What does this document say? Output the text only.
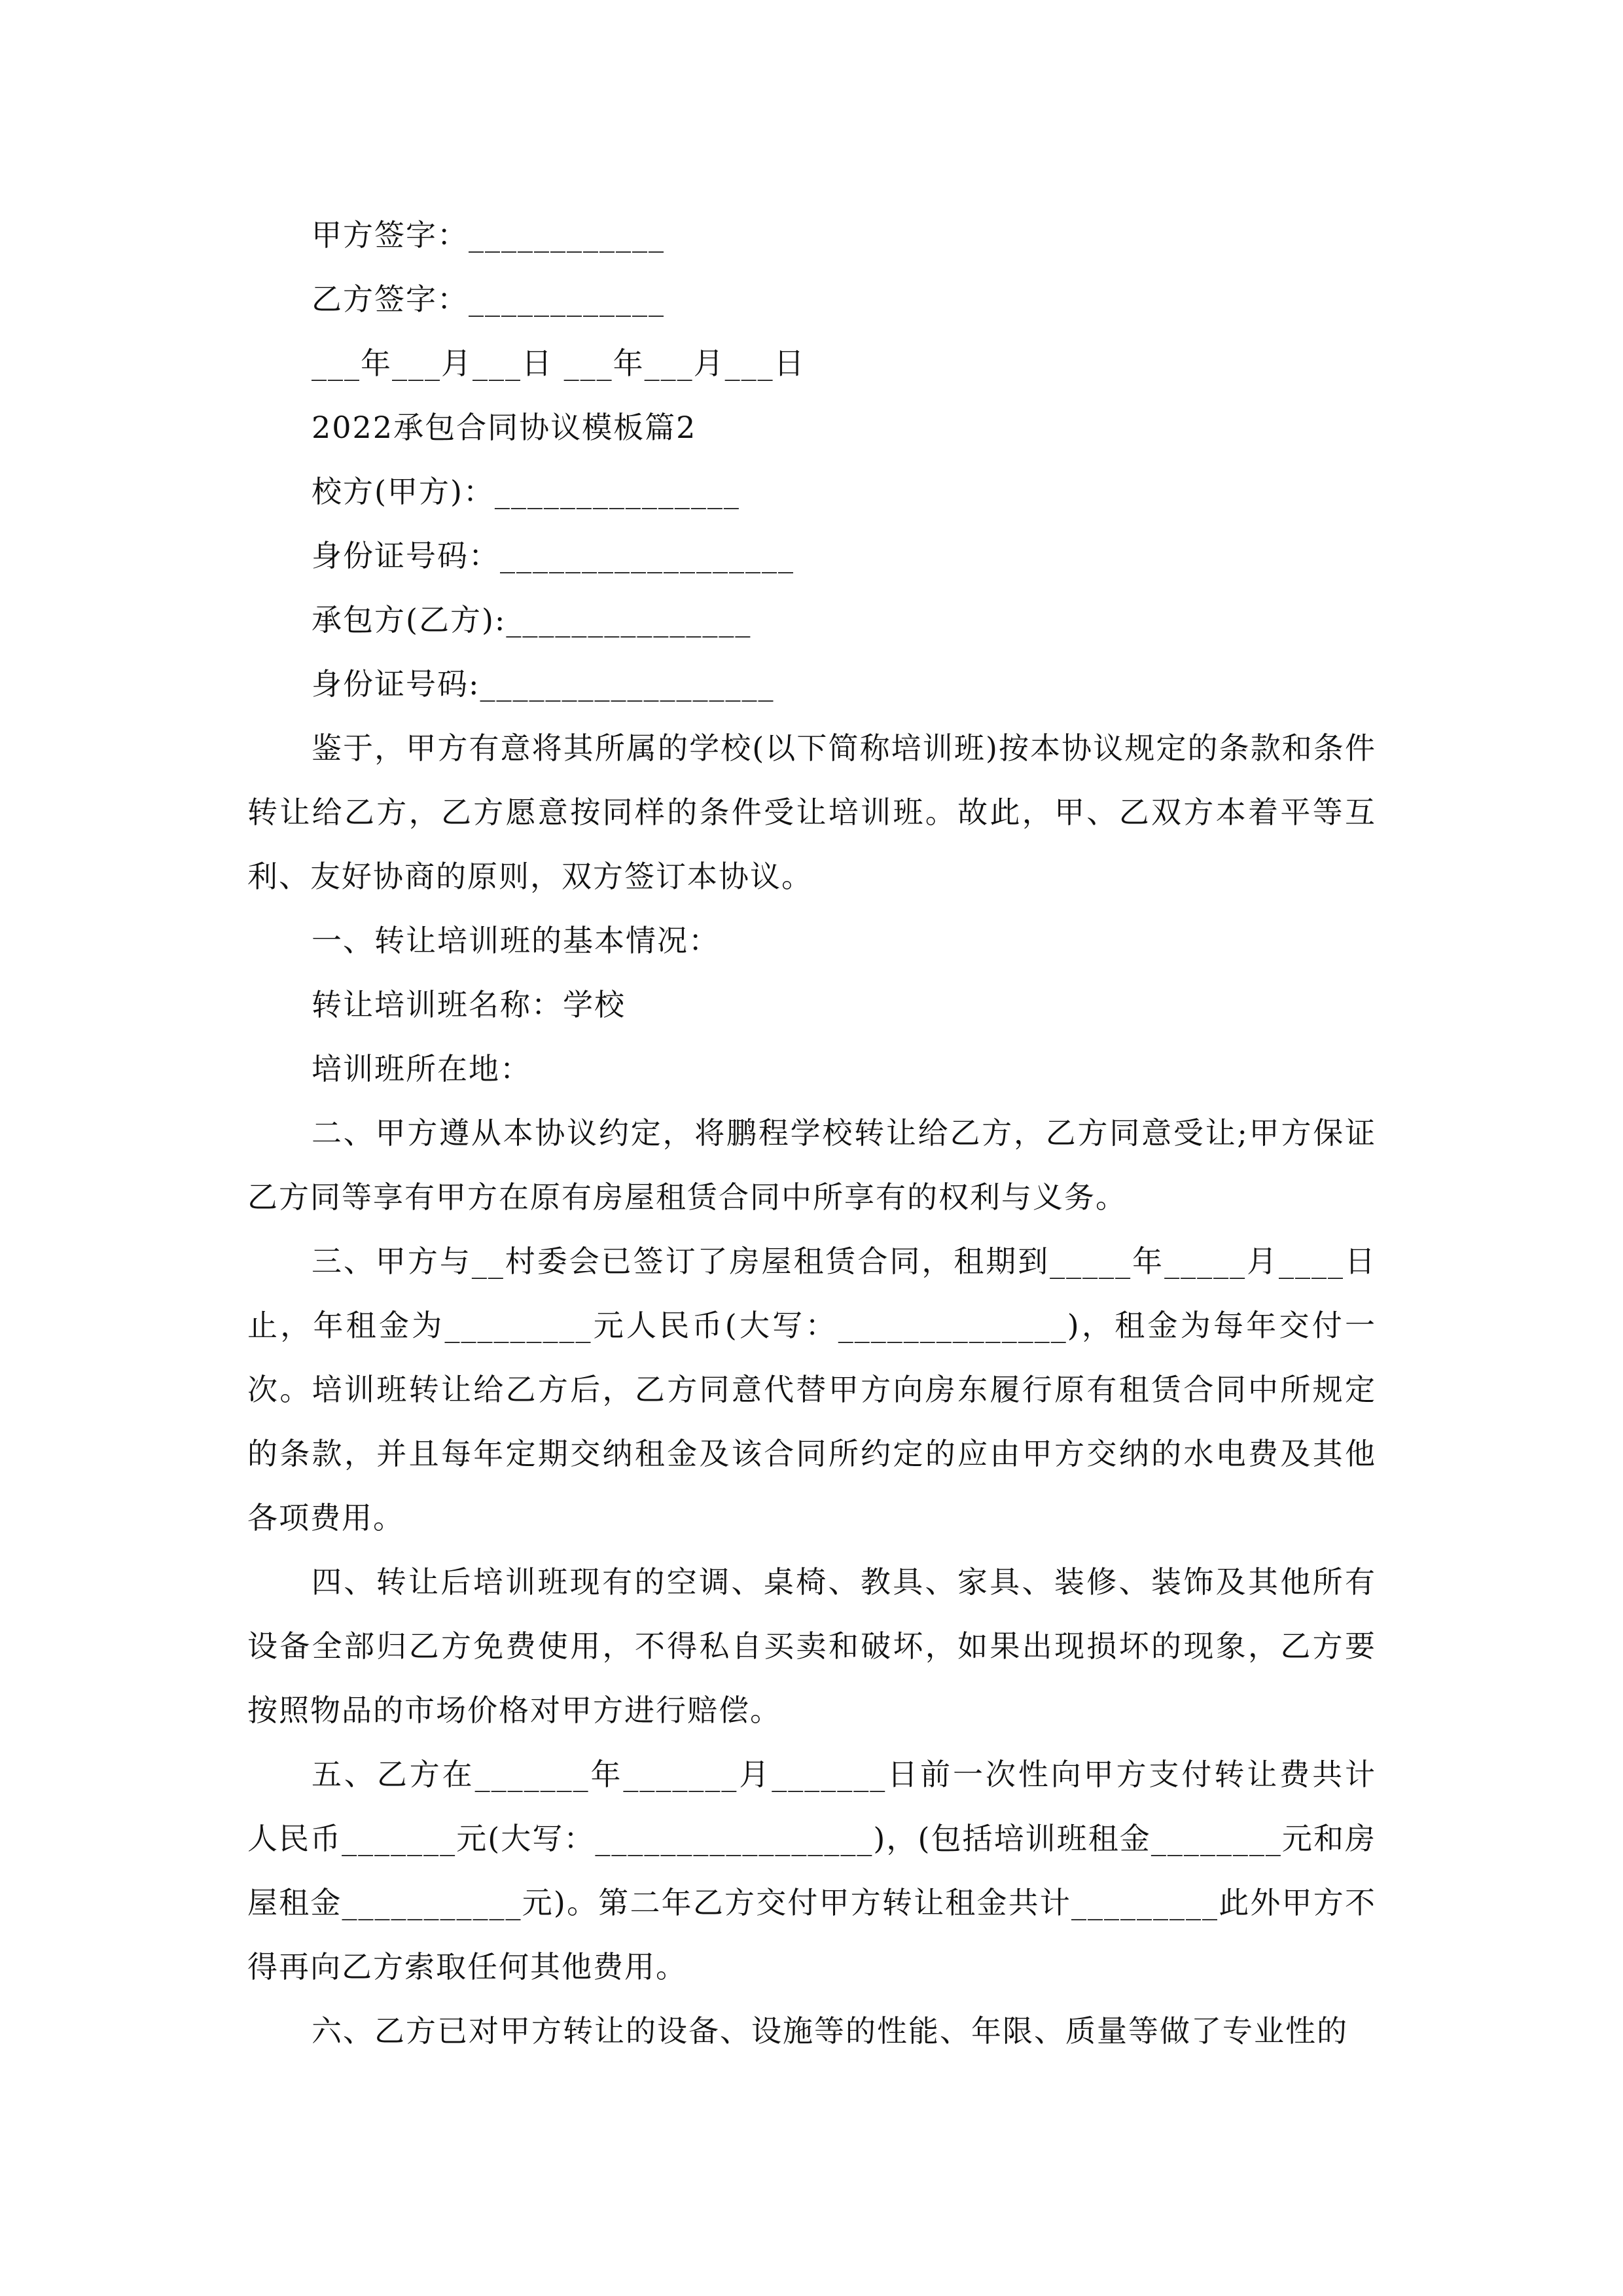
甲方签字：____________
乙方签字：____________
___年___月___日 ___年___月___日
2022承包合同协议模板篇2
校方(甲方)：_______________
身份证号码：__________________
承包方(乙方):_______________
身份证号码:__________________
鉴于，甲方有意将其所属的学校(以下简称培训班)按本协议规定的条款和条件转让给乙方，乙方愿意按同样的条件受让培训班。故此，甲、乙双方本着平等互利、友好协商的原则，双方签订本协议。
一、转让培训班的基本情况：
转让培训班名称：学校
培训班所在地：
二、甲方遵从本协议约定，将鹏程学校转让给乙方，乙方同意受让;甲方保证乙方同等享有甲方在原有房屋租赁合同中所享有的权利与义务。
三、甲方与__村委会已签订了房屋租赁合同，租期到_____年_____月____日止，年租金为_________元人民币(大写：______________)，租金为每年交付一次。培训班转让给乙方后，乙方同意代替甲方向房东履行原有租赁合同中所规定的条款，并且每年定期交纳租金及该合同所约定的应由甲方交纳的水电费及其他各项费用。
四、转让后培训班现有的空调、桌椅、教具、家具、装修、装饰及其他所有设备全部归乙方免费使用，不得私自买卖和破坏，如果出现损坏的现象，乙方要按照物品的市场价格对甲方进行赔偿。
五、乙方在_______年_______月_______日前一次性向甲方支付转让费共计人民币_______元(大写：_________________)，(包括培训班租金________元和房屋租金___________元)。第二年乙方交付甲方转让租金共计_________此外甲方不得再向乙方索取任何其他费用。
六、乙方已对甲方转让的设备、设施等的性能、年限、质量等做了专业性的
